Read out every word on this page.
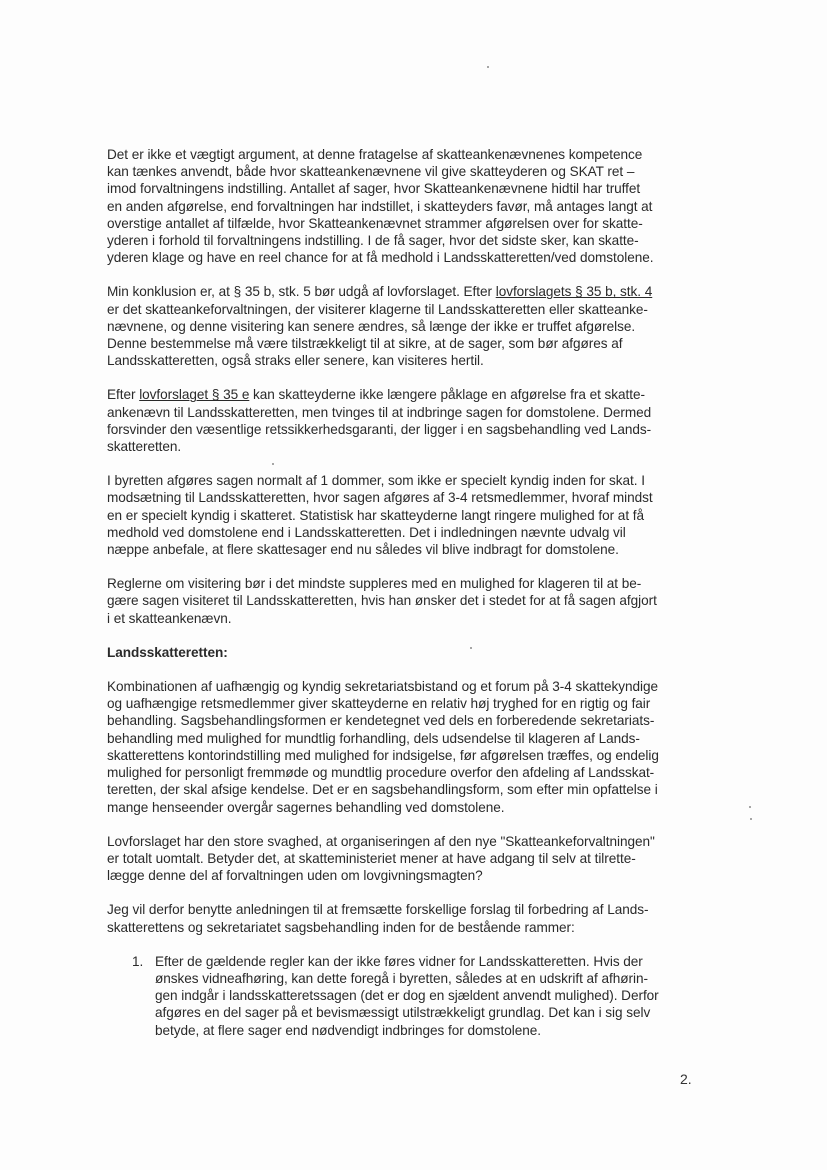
Det er ikke et vægtigt argument, at denne fratagelse af skatteankenævnenes kompetence
kan tænkes anvendt, både hvor skatteankenævnene vil give skatteyderen og SKAT ret –
imod forvaltningens indstilling. Antallet af sager, hvor Skatteankenævnene hidtil har truffet
en anden afgørelse, end forvaltningen har indstillet, i skatteyders favør, må antages langt at
overstige antallet af tilfælde, hvor Skatteankenævnet strammer afgørelsen over for skatte-
yderen i forhold til forvaltningens indstilling. I de få sager, hvor det sidste sker, kan skatte-
yderen klage og have en reel chance for at få medhold i Landsskatteretten/ved domstolene.

Min konklusion er, at § 35 b, stk. 5 bør udgå af lovforslaget. Efter lovforslagets § 35 b, stk. 4
er det skatteankeforvaltningen, der visiterer klagerne til Landsskatteretten eller skatteanke-
nævnene, og denne visitering kan senere ændres, så længe der ikke er truffet afgørelse.
Denne bestemmelse må være tilstrækkeligt til at sikre, at de sager, som bør afgøres af
Landsskatteretten, også straks eller senere, kan visiteres hertil.

Efter lovforslaget § 35 e kan skatteyderne ikke længere påklage en afgørelse fra et skatte-
ankenævn til Landsskatteretten, men tvinges til at indbringe sagen for domstolene. Dermed
forsvinder den væsentlige retssikkerhedsgaranti, der ligger i en sagsbehandling ved Lands-
skatteretten.

I byretten afgøres sagen normalt af 1 dommer, som ikke er specielt kyndig inden for skat. I
modsætning til Landsskatteretten, hvor sagen afgøres af 3-4 retsmedlemmer, hvoraf mindst
en er specielt kyndig i skatteret. Statistisk har skatteyderne langt ringere mulighed for at få
medhold ved domstolene end i Landsskatteretten. Det i indledningen nævnte udvalg vil
næppe anbefale, at flere skattesager end nu således vil blive indbragt for domstolene.

Reglerne om visitering bør i det mindste suppleres med en mulighed for klageren til at be-
gære sagen visiteret til Landsskatteretten, hvis han ønsker det i stedet for at få sagen afgjort
i et skatteankenævn.

Landsskatteretten:

Kombinationen af uafhængig og kyndig sekretariatsbistand og et forum på 3-4 skattekyndige
og uafhængige retsmedlemmer giver skatteyderne en relativ høj tryghed for en rigtig og fair
behandling. Sagsbehandlingsformen er kendetegnet ved dels en forberedende sekretariats-
behandling med mulighed for mundtlig forhandling, dels udsendelse til klageren af Lands-
skatterettens kontorindstilling med mulighed for indsigelse, før afgørelsen træffes, og endelig
mulighed for personligt fremmøde og mundtlig procedure overfor den afdeling af Landsskat-
teretten, der skal afsige kendelse. Det er en sagsbehandlingsform, som efter min opfattelse i
mange henseender overgår sagernes behandling ved domstolene.

Lovforslaget har den store svaghed, at organiseringen af den nye "Skatteankeforvaltningen"
er totalt uomtalt. Betyder det, at skatteministeriet mener at have adgang til selv at tilrette-
lægge denne del af forvaltningen uden om lovgivningsmagten?

Jeg vil derfor benytte anledningen til at fremsætte forskellige forslag til forbedring af Lands-
skatterettens og sekretariatet sagsbehandling inden for de bestående rammer:

1. Efter de gældende regler kan der ikke føres vidner for Landsskatteretten. Hvis der
ønskes vidneafhøring, kan dette foregå i byretten, således at en udskrift af afhørin-
gen indgår i landsskatteretssagen (det er dog en sjældent anvendt mulighed). Derfor
afgøres en del sager på et bevismæssigt utilstrækkeligt grundlag. Det kan i sig selv
betyde, at flere sager end nødvendigt indbringes for domstolene.
2.
